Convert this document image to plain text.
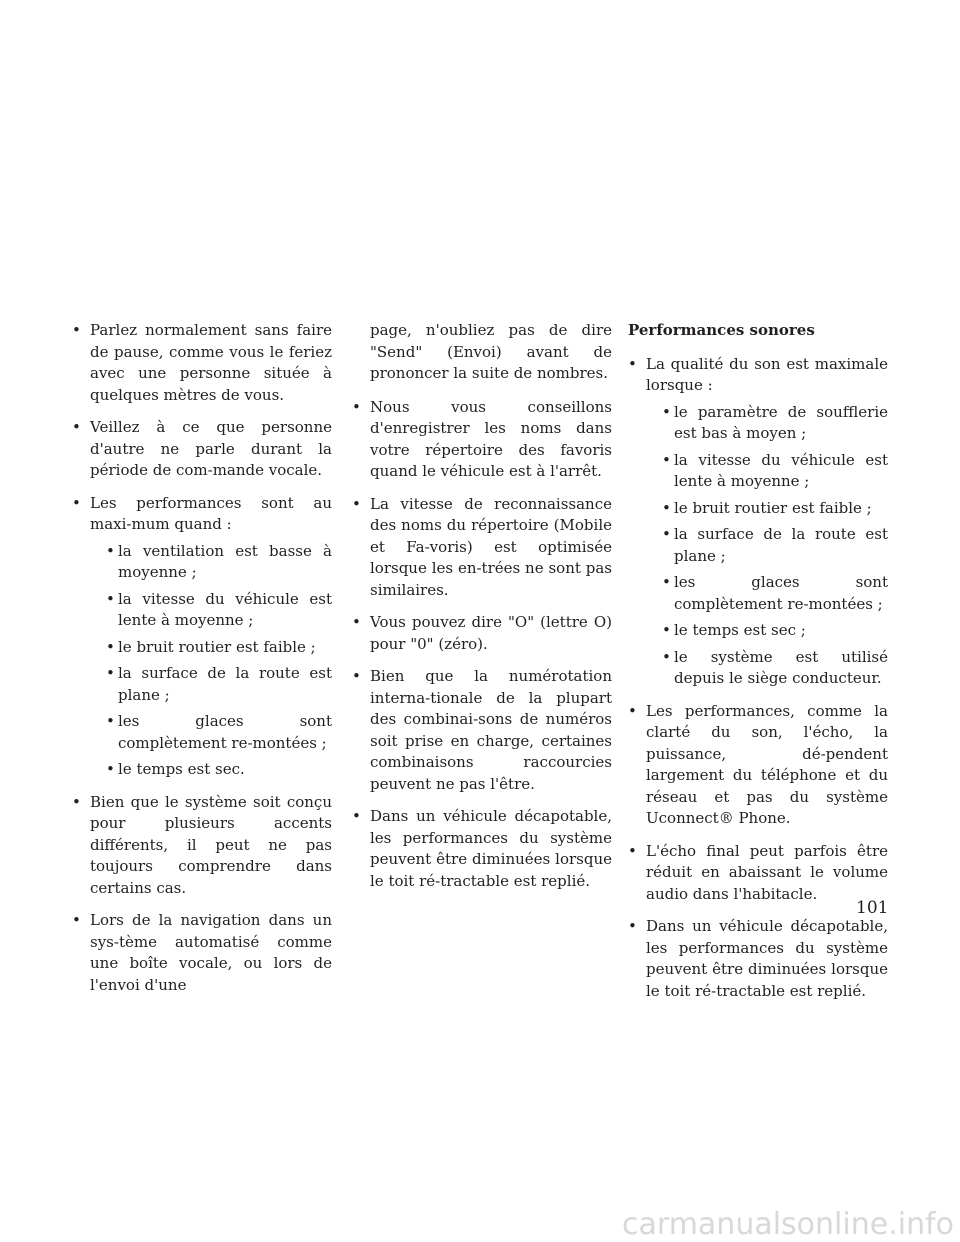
• Parlez normalement sans faire de pause, comme vous le feriez avec une personne située à quelques mètres de vous.
• Veillez à ce que personne d'autre ne parle durant la période de com-mande vocale.
• Les performances sont au maxi-mum quand :
• la ventilation est basse à moyenne ;
• la vitesse du véhicule est lente à moyenne ;
• le bruit routier est faible ;
• la surface de la route est plane ;
• les glaces sont complètement re-montées ;
• le temps est sec.
• Bien que le système soit conçu pour plusieurs accents différents, il peut ne pas toujours comprendre dans certains cas.
• Lors de la navigation dans un sys-tème automatisé comme une boîte vocale, ou lors de l'envoi d'une

page, n'oubliez pas de dire "Send" (Envoi) avant de prononcer la suite de nombres.

• Nous vous conseillons d'enregistrer les noms dans votre répertoire des favoris quand le véhicule est à l'arrêt.
• La vitesse de reconnaissance des noms du répertoire (Mobile et Fa-voris) est optimisée lorsque les en-trées ne sont pas similaires.
• Vous pouvez dire "O" (lettre O) pour "0" (zéro).
• Bien que la numérotation interna-tionale de la plupart des combinai-sons de numéros soit prise en charge, certaines combinaisons raccourcies peuvent ne pas l'être.
• Dans un véhicule décapotable, les performances du système peuvent être diminuées lorsque le toit ré-tractable est replié.
Performances sonores
• La qualité du son est maximale lorsque :
• le paramètre de soufflerie est bas à moyen ;
• la vitesse du véhicule est lente à moyenne ;
• le bruit routier est faible ;
• la surface de la route est plane ;
• les glaces sont complètement re-montées ;
• le temps est sec ;
• le système est utilisé depuis le siège conducteur.
• Les performances, comme la clarté du son, l'écho, la puissance, dé-pendent largement du téléphone et du réseau et pas du système Uconnect® Phone.
• L'écho final peut parfois être réduit en abaissant le volume audio dans l'habitacle.
• Dans un véhicule décapotable, les performances du système peuvent être diminuées lorsque le toit ré-tractable est replié.
101
carmanualsonline.info
